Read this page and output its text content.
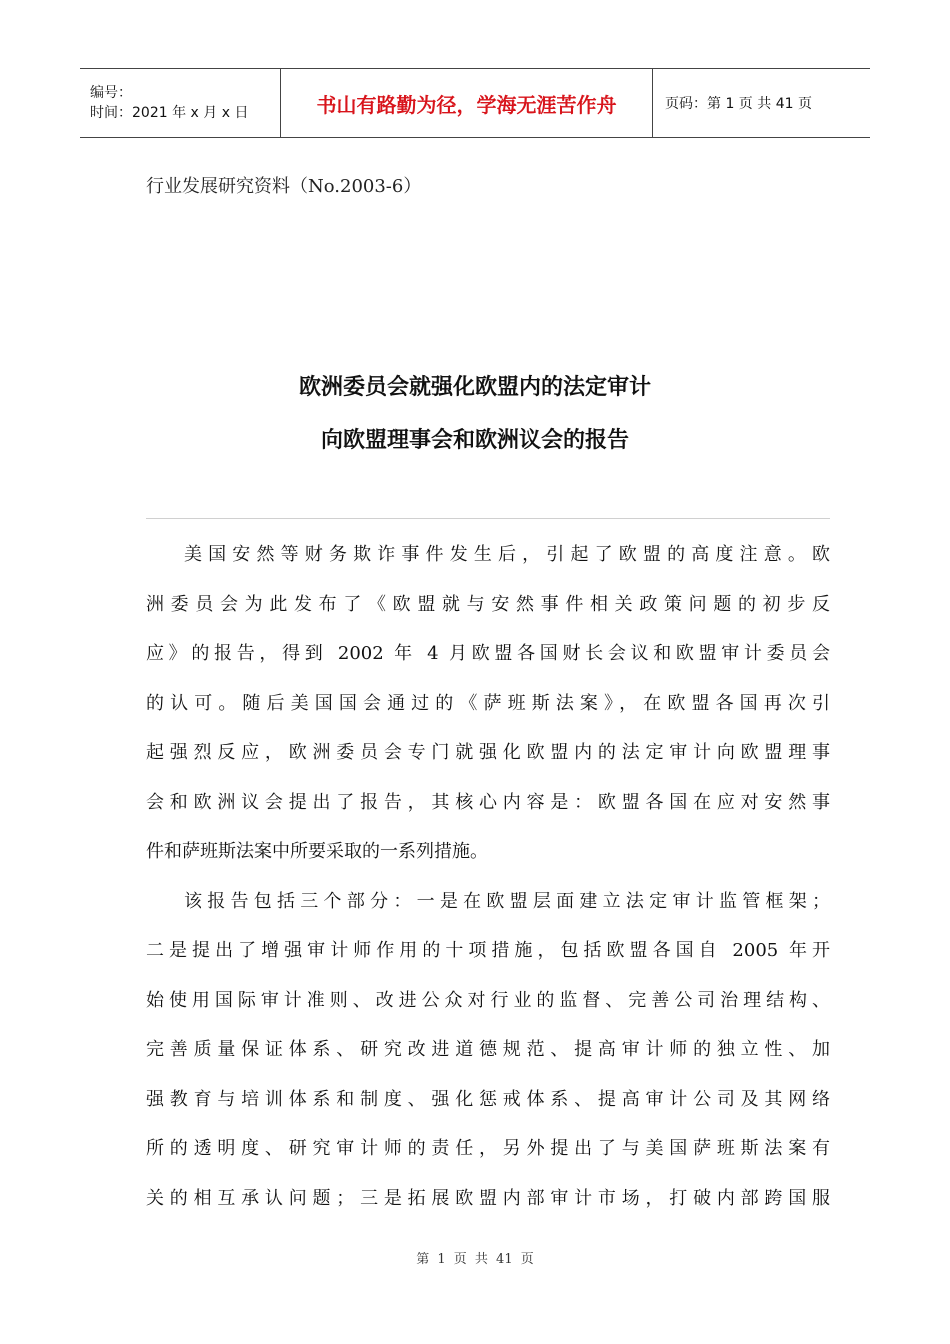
编号：
时间：2021 年 x 月 x 日	书山有路勤为径，学海无涯苦作舟	页码：第 1 页 共 41 页
行业发展研究资料（No.2003-6）
欧洲委员会就强化欧盟内的法定审计
向欧盟理事会和欧洲议会的报告
美国安然等财务欺诈事件发生后，引起了欧盟的高度注意。欧
洲委员会为此发布了《欧盟就与安然事件相关政策问题的初步反
应》的报告，得到 2002 年 4 月欧盟各国财长会议和欧盟审计委员会
的认可。随后美国国会通过的《萨班斯法案》，在欧盟各国再次引
起强烈反应，欧洲委员会专门就强化欧盟内的法定审计向欧盟理事
会和欧洲议会提出了报告，其核心内容是：欧盟各国在应对安然事
件和萨班斯法案中所要采取的一系列措施。
该报告包括三个部分：一是在欧盟层面建立法定审计监管框架；
二是提出了增强审计师作用的十项措施，包括欧盟各国自 2005 年开
始使用国际审计准则、改进公众对行业的监督、完善公司治理结构、
完善质量保证体系、研究改进道德规范、提高审计师的独立性、加
强教育与培训体系和制度、强化惩戒体系、提高审计公司及其网络
所的透明度、研究审计师的责任，另外提出了与美国萨班斯法案有
关的相互承认问题；三是拓展欧盟内部审计市场，打破内部跨国服
第 1 页 共 41 页
